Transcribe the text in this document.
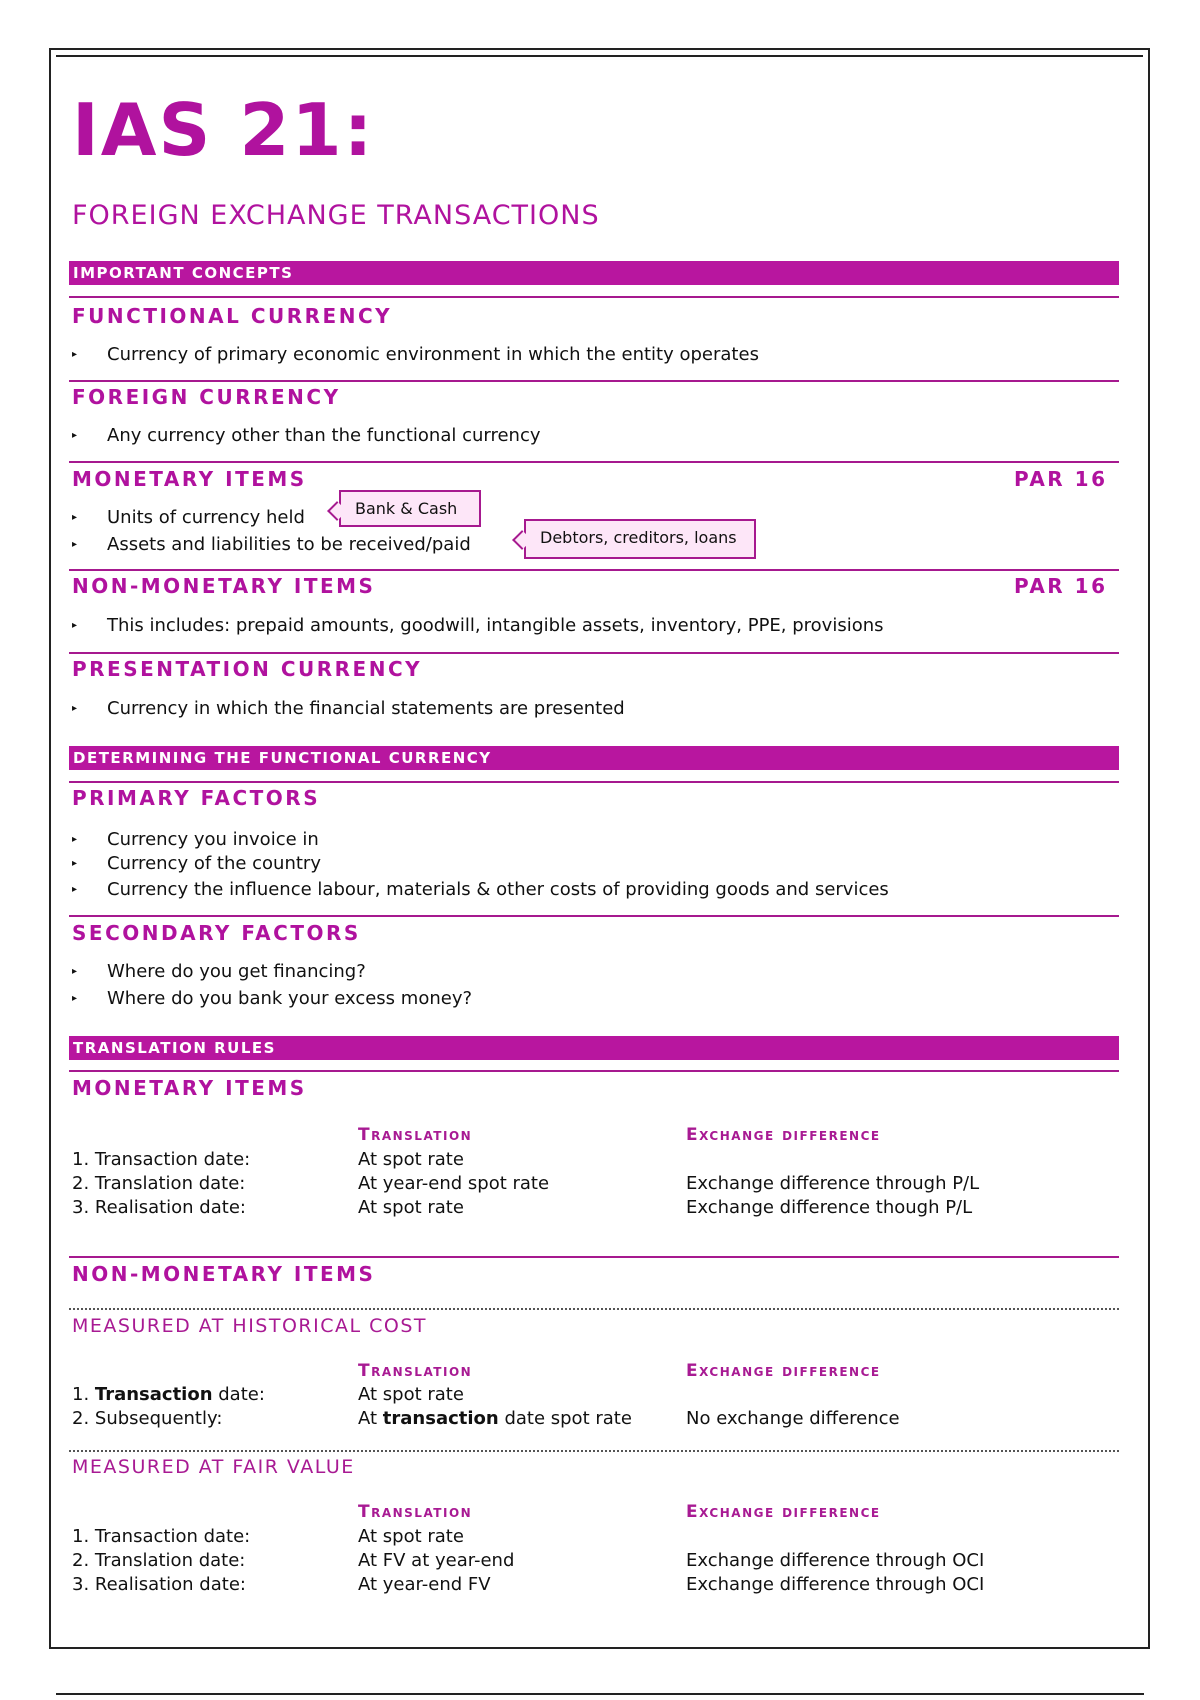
IAS 21:
FOREIGN EXCHANGE TRANSACTIONS
IMPORTANT CONCEPTS
FUNCTIONAL CURRENCY
▸ Currency of primary economic environment in which the entity operates
FOREIGN CURRENCY
▸ Any currency other than the functional currency
MONETARY ITEMS	PAR 16
▸ Units of currency held
▸ Assets and liabilities to be received/paid
Bank & Cash
Debtors, creditors, loans
NON-MONETARY ITEMS	PAR 16
▸ This includes: prepaid amounts, goodwill, intangible assets, inventory, PPE, provisions
PRESENTATION CURRENCY
▸ Currency in which the financial statements are presented
DETERMINING THE FUNCTIONAL CURRENCY
PRIMARY FACTORS
▸ Currency you invoice in
▸ Currency of the country
▸ Currency the influence labour, materials & other costs of providing goods and services
SECONDARY FACTORS
▸ Where do you get financing?
▸ Where do you bank your excess money?
TRANSLATION RULES
MONETARY ITEMS
Translation	Exchange difference
1. Transaction date:	At spot rate
2. Translation date:	At year-end spot rate	Exchange difference through P/L
3. Realisation date:	At spot rate	Exchange difference though P/L
NON-MONETARY ITEMS
MEASURED AT HISTORICAL COST
Translation	Exchange difference
1. Transaction date:	At spot rate
2. Subsequently:	At transaction date spot rate	No exchange difference
MEASURED AT FAIR VALUE
Translation	Exchange difference
1. Transaction date:	At spot rate
2. Translation date:	At FV at year-end	Exchange difference through OCI
3. Realisation date:	At year-end FV	Exchange difference through OCI
